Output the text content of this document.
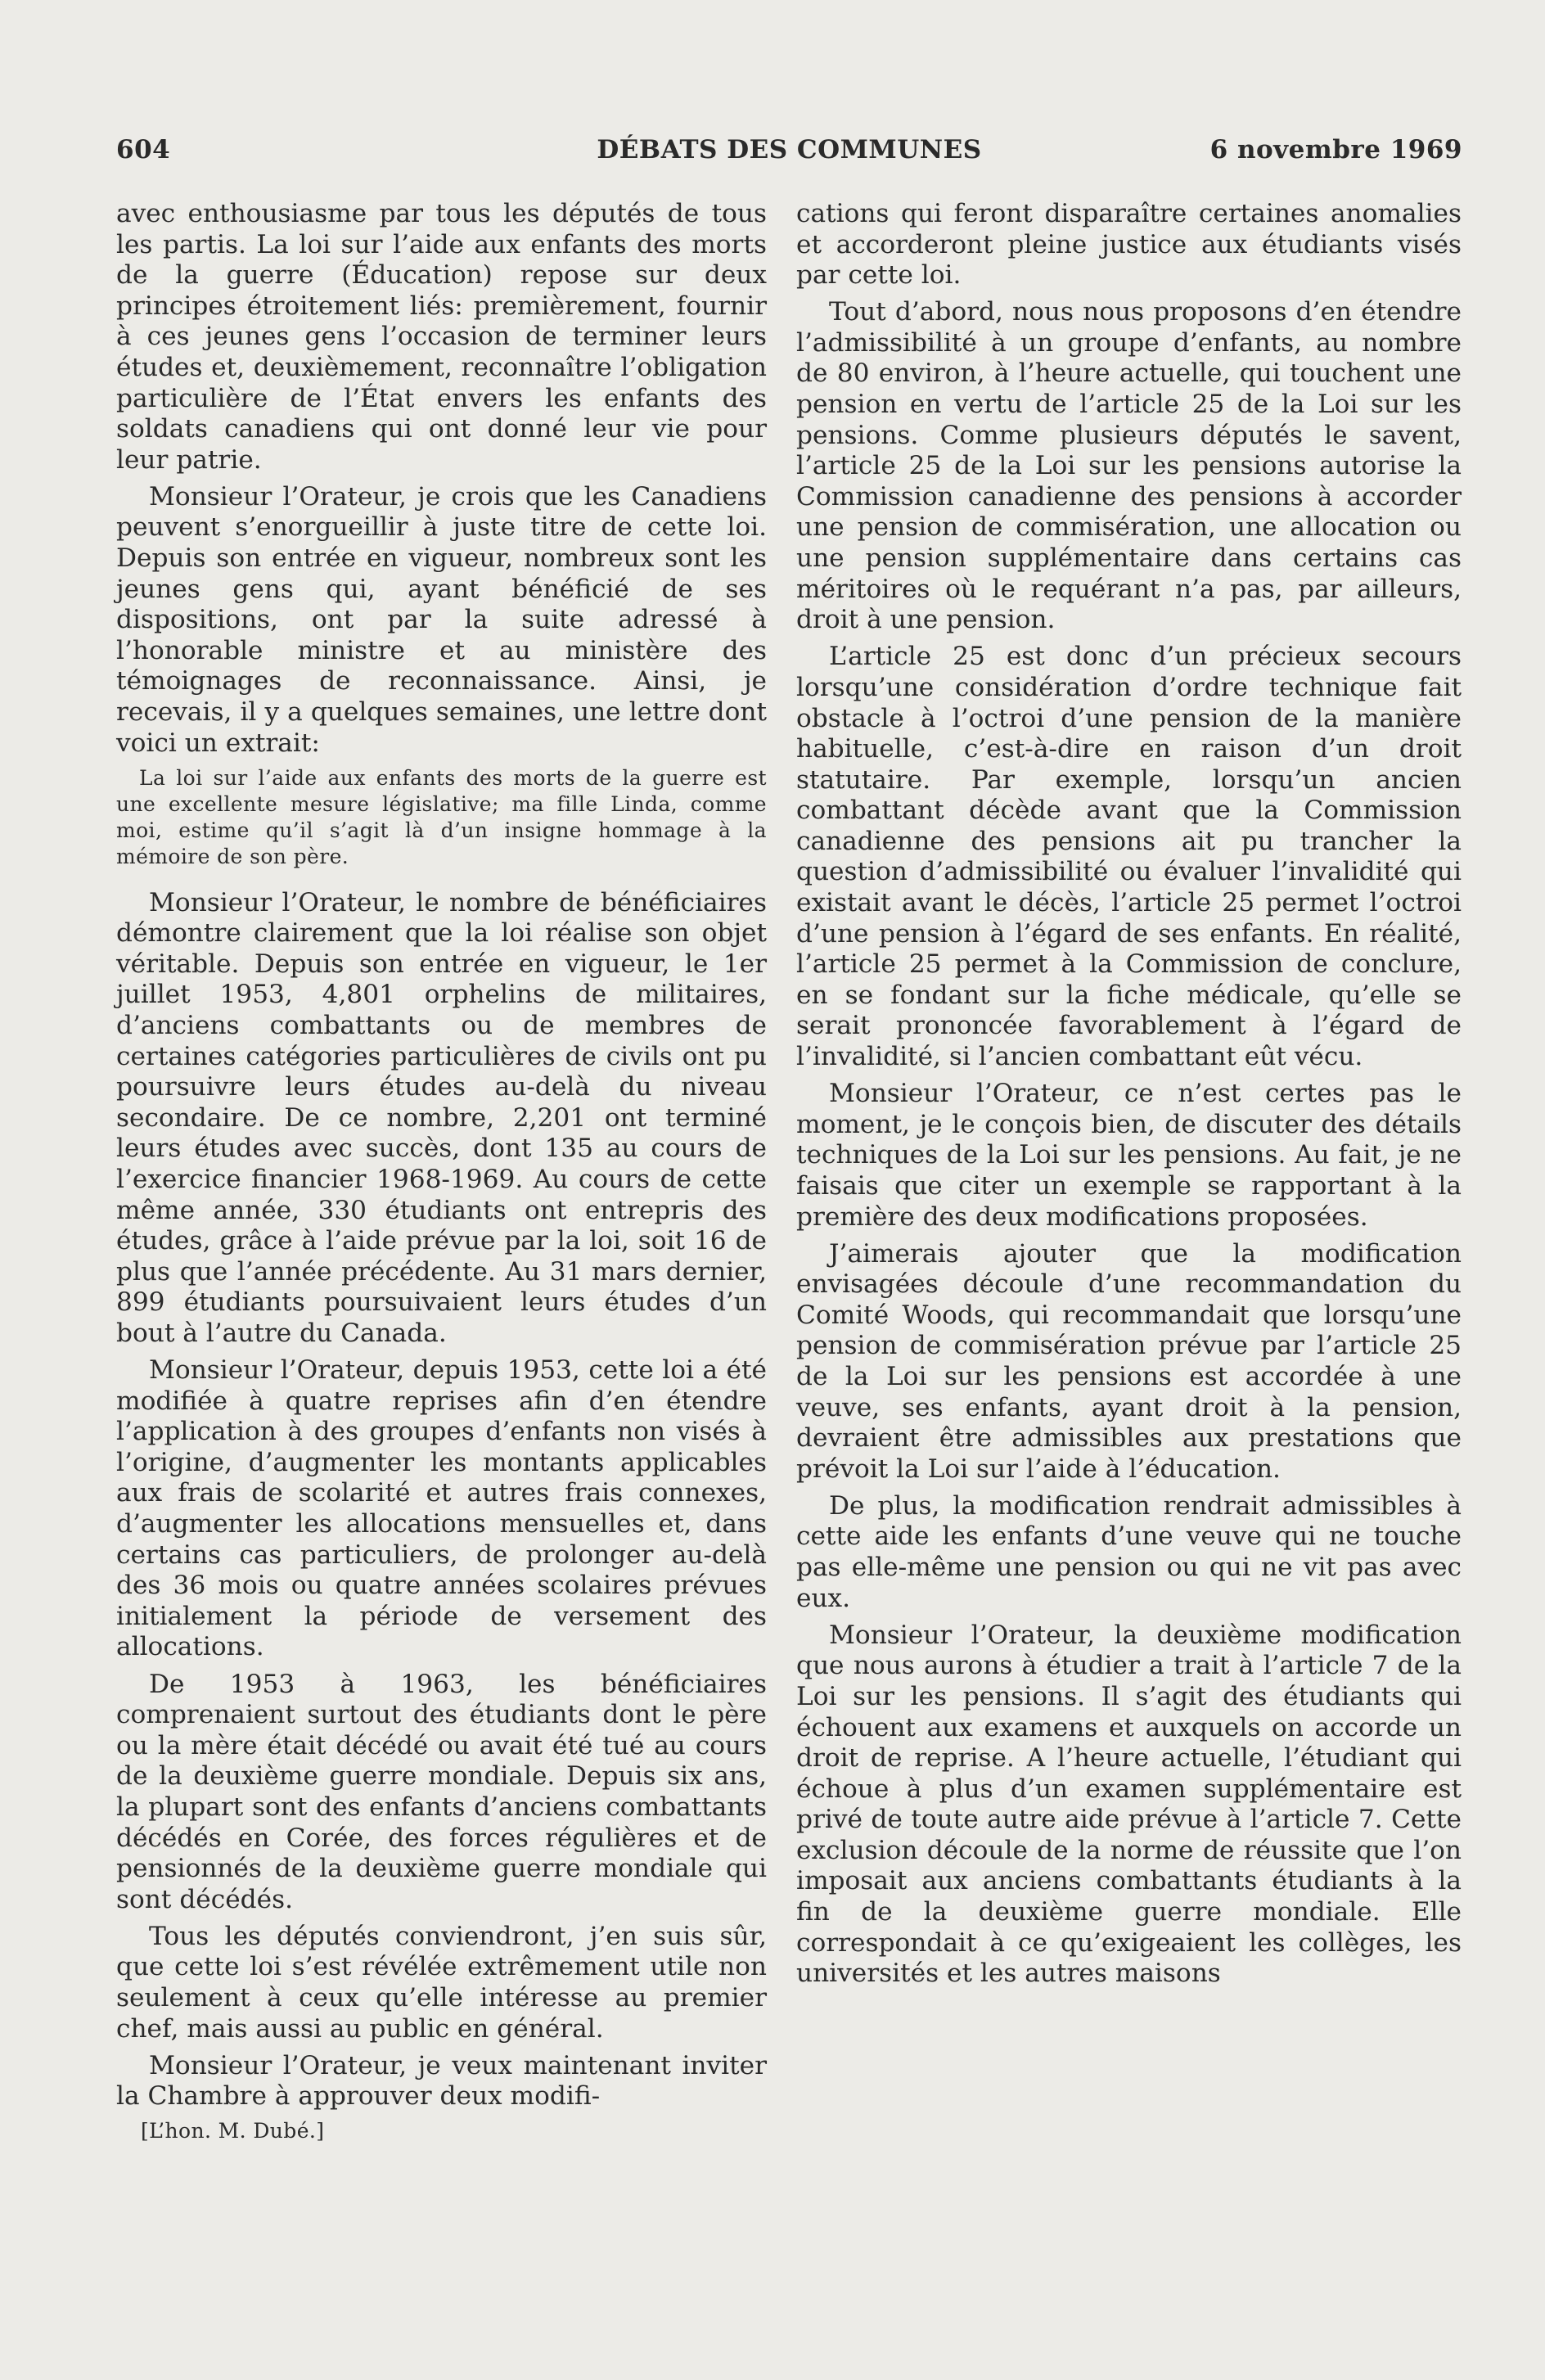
604	DÉBATS DES COMMUNES	6 novembre 1969

avec enthousiasme par tous les députés de tous les partis. La loi sur l’aide aux enfants des morts de la guerre (Éducation) repose sur deux principes étroitement liés: premièrement, fournir à ces jeunes gens l’occasion de terminer leurs études et, deuxièmement, reconnaître l’obligation particulière de l’État envers les enfants des soldats canadiens qui ont donné leur vie pour leur patrie.

Monsieur l’Orateur, je crois que les Canadiens peuvent s’enorgueillir à juste titre de cette loi. Depuis son entrée en vigueur, nombreux sont les jeunes gens qui, ayant bénéficié de ses dispositions, ont par la suite adressé à l’honorable ministre et au ministère des témoignages de reconnaissance. Ainsi, je recevais, il y a quelques semaines, une lettre dont voici un extrait:

La loi sur l’aide aux enfants des morts de la guerre est une excellente mesure législative; ma fille Linda, comme moi, estime qu’il s’agit là d’un insigne hommage à la mémoire de son père.

Monsieur l’Orateur, le nombre de bénéficiaires démontre clairement que la loi réalise son objet véritable. Depuis son entrée en vigueur, le 1er juillet 1953, 4,801 orphelins de militaires, d’anciens combattants ou de membres de certaines catégories particulières de civils ont pu poursuivre leurs études au-delà du niveau secondaire. De ce nombre, 2,201 ont terminé leurs études avec succès, dont 135 au cours de l’exercice financier 1968-1969. Au cours de cette même année, 330 étudiants ont entrepris des études, grâce à l’aide prévue par la loi, soit 16 de plus que l’année précédente. Au 31 mars dernier, 899 étudiants poursuivaient leurs études d’un bout à l’autre du Canada.

Monsieur l’Orateur, depuis 1953, cette loi a été modifiée à quatre reprises afin d’en étendre l’application à des groupes d’enfants non visés à l’origine, d’augmenter les montants applicables aux frais de scolarité et autres frais connexes, d’augmenter les allocations mensuelles et, dans certains cas particuliers, de prolonger au-delà des 36 mois ou quatre années scolaires prévues initialement la période de versement des allocations.

De 1953 à 1963, les bénéficiaires comprenaient surtout des étudiants dont le père ou la mère était décédé ou avait été tué au cours de la deuxième guerre mondiale. Depuis six ans, la plupart sont des enfants d’anciens combattants décédés en Corée, des forces régulières et de pensionnés de la deuxième guerre mondiale qui sont décédés.

Tous les députés conviendront, j’en suis sûr, que cette loi s’est révélée extrêmement utile non seulement à ceux qu’elle intéresse au premier chef, mais aussi au public en général.

Monsieur l’Orateur, je veux maintenant inviter la Chambre à approuver deux modifi-

[L’hon. M. Dubé.]

cations qui feront disparaître certaines anomalies et accorderont pleine justice aux étudiants visés par cette loi.

Tout d’abord, nous nous proposons d’en étendre l’admissibilité à un groupe d’enfants, au nombre de 80 environ, à l’heure actuelle, qui touchent une pension en vertu de l’article 25 de la Loi sur les pensions. Comme plusieurs députés le savent, l’article 25 de la Loi sur les pensions autorise la Commission canadienne des pensions à accorder une pension de commisération, une allocation ou une pension supplémentaire dans certains cas méritoires où le requérant n’a pas, par ailleurs, droit à une pension.

L’article 25 est donc d’un précieux secours lorsqu’une considération d’ordre technique fait obstacle à l’octroi d’une pension de la manière habituelle, c’est-à-dire en raison d’un droit statutaire. Par exemple, lorsqu’un ancien combattant décède avant que la Commission canadienne des pensions ait pu trancher la question d’admissibilité ou évaluer l’invalidité qui existait avant le décès, l’article 25 permet l’octroi d’une pension à l’égard de ses enfants. En réalité, l’article 25 permet à la Commission de conclure, en se fondant sur la fiche médicale, qu’elle se serait prononcée favorablement à l’égard de l’invalidité, si l’ancien combattant eût vécu.

Monsieur l’Orateur, ce n’est certes pas le moment, je le conçois bien, de discuter des détails techniques de la Loi sur les pensions. Au fait, je ne faisais que citer un exemple se rapportant à la première des deux modifications proposées.

J’aimerais ajouter que la modification envisagées découle d’une recommandation du Comité Woods, qui recommandait que lorsqu’une pension de commisération prévue par l’article 25 de la Loi sur les pensions est accordée à une veuve, ses enfants, ayant droit à la pension, devraient être admissibles aux prestations que prévoit la Loi sur l’aide à l’éducation.

De plus, la modification rendrait admissibles à cette aide les enfants d’une veuve qui ne touche pas elle-même une pension ou qui ne vit pas avec eux.

Monsieur l’Orateur, la deuxième modification que nous aurons à étudier a trait à l’article 7 de la Loi sur les pensions. Il s’agit des étudiants qui échouent aux examens et auxquels on accorde un droit de reprise. A l’heure actuelle, l’étudiant qui échoue à plus d’un examen supplémentaire est privé de toute autre aide prévue à l’article 7. Cette exclusion découle de la norme de réussite que l’on imposait aux anciens combattants étudiants à la fin de la deuxième guerre mondiale. Elle correspondait à ce qu’exigeaient les collèges, les universités et les autres maisons
